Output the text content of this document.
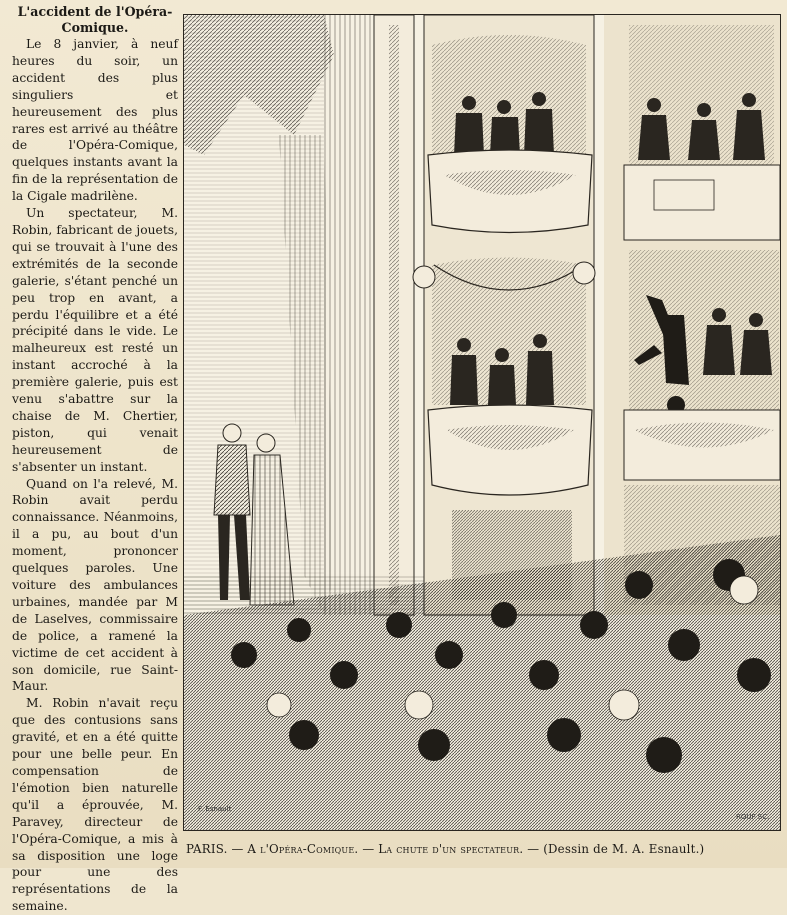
L'accident de l'Opéra-Comique.

Le 8 janvier, à neuf heures du soir, un accident des plus singuliers et heureusement des plus rares est arrivé au théâtre de l'Opéra-Comique, quelques instants avant la fin de la représentation de la Cigale madrilène.

Un spectateur, M. Robin, fabricant de jouets, qui se trouvait à l'une des extrémités de la seconde galerie, s'étant penché un peu trop en avant, a perdu l'équilibre et a été précipité dans le vide. Le malheureux est resté un instant accroché à la première galerie, puis est venu s'abattre sur la chaise de M. Chertier, piston, qui venait heureusement de s'absenter un instant.

Quand on l'a relevé, M. Robin avait perdu connaissance. Néanmoins, il a pu, au bout d'un moment, prononcer quelques paroles. Une voiture des ambulances urbaines, mandée par M de Laselves, commissaire de police, a ramené la victime de cet accident à son domicile, rue Saint-Maur.

M. Robin n'avait reçu que des contusions sans gravité, et en a été quitte pour une belle peur. En compensation de l'émotion bien naturelle qu'il a éprouvée, M. Paravey, directeur de l'Opéra-Comique, a mis à sa disposition une loge pour une des représentations de la semaine.

F. Esnault
ROUF SC.
PARIS. — A l'Opéra-Comique. — La chute d'un spectateur. — (Dessin de M. A. Esnault.)
